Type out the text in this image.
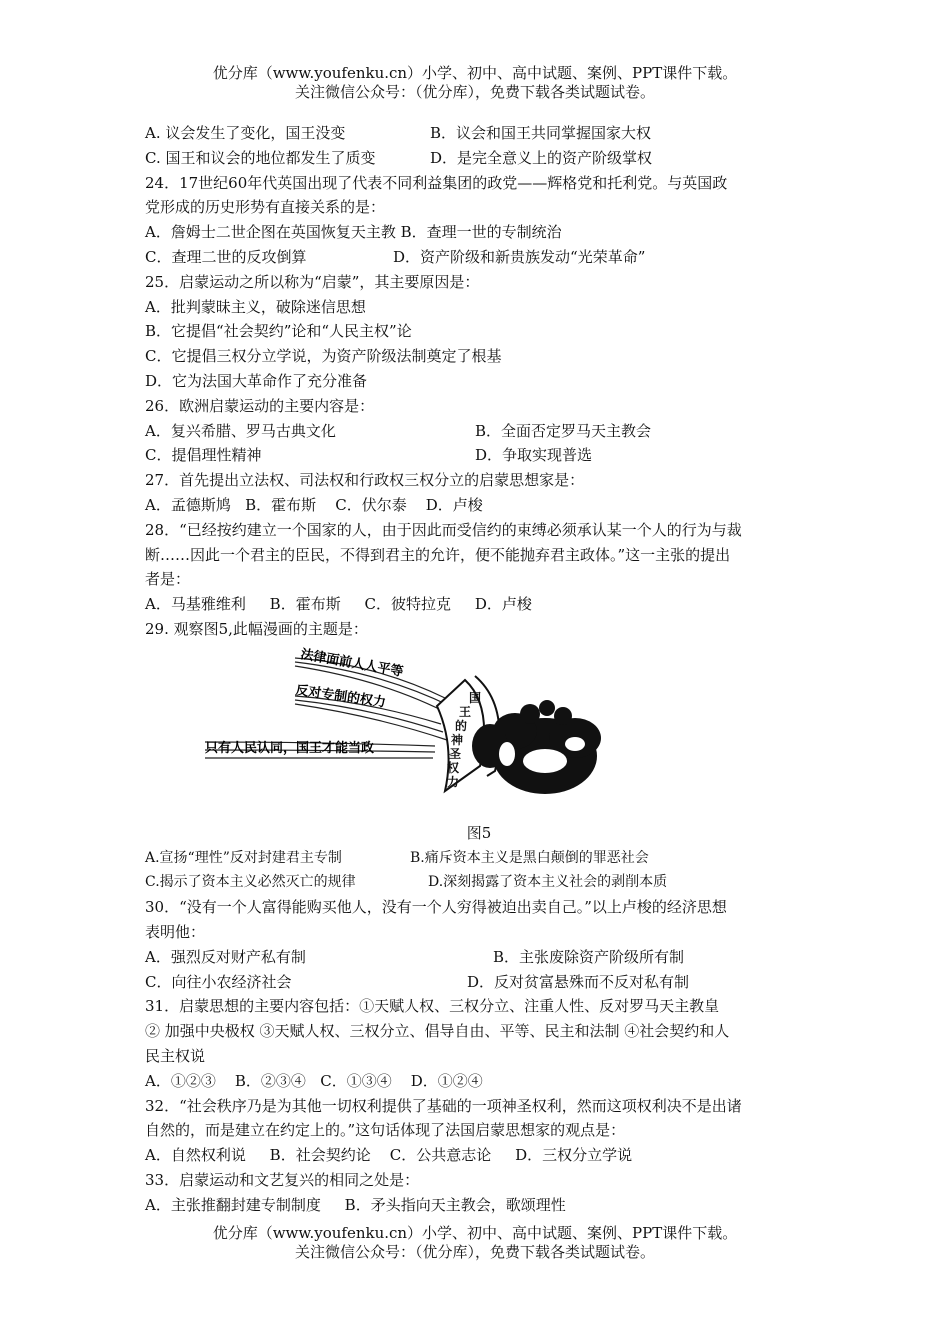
优分库（www.youfenku.cn）小学、初中、高中试题、案例、PPT课件下载。
关注微信公众号：（优分库），免费下载各类试题试卷。
A. 议会发生了变化，国王没变	B．议会和国王共同掌握国家大权
C. 国王和议会的地位都发生了质变	D．是完全意义上的资产阶级掌权
24．17世纪60年代英国出现了代表不同利益集团的政党——辉格党和托利党。与英国政
党形成的历史形势有直接关系的是：
A．詹姆士二世企图在英国恢复天主教 B．查理一世的专制统治
C．查理二世的反攻倒算	D．资产阶级和新贵族发动“光荣革命”
25．启蒙运动之所以称为“启蒙”，其主要原因是：
A．批判蒙昧主义，破除迷信思想
B．它提倡“社会契约”论和“人民主权”论
C．它提倡三权分立学说，为资产阶级法制奠定了根基
D．它为法国大革命作了充分准备
26．欧洲启蒙运动的主要内容是：
A．复兴希腊、罗马古典文化	B．全面否定罗马天主教会
C．提倡理性精神	D．争取实现普选
27．首先提出立法权、司法权和行政权三权分立的启蒙思想家是：
A．孟德斯鸠   B．霍布斯    C．伏尔泰    D．卢梭
28．“已经按约建立一个国家的人，由于因此而受信约的束缚必须承认某一个人的行为与裁
断……因此一个君主的臣民，不得到君主的允许，便不能抛弃君主政体。”这一主张的提出
者是：
A．马基雅维利     B．霍布斯     C．彼特拉克     D．卢梭
29. 观察图5,此幅漫画的主题是：
法律面前人人平等
反对专制的权力
只有人民认同，国王才能当政
国
王
的
神
圣
权
力
图5
A.宣扬“理性”反对封建君主专制	B.痛斥资本主义是黑白颠倒的罪恶社会
C.揭示了资本主义必然灭亡的规律	D.深刻揭露了资本主义社会的剥削本质
30．“没有一个人富得能购买他人，没有一个人穷得被迫出卖自己。”以上卢梭的经济思想
表明他：
A．强烈反对财产私有制	B．主张废除资产阶级所有制
C．向往小农经济社会	D．反对贫富悬殊而不反对私有制
31．启蒙思想的主要内容包括：①天赋人权、三权分立、注重人性、反对罗马天主教皇
② 加强中央极权 ③天赋人权、三权分立、倡导自由、平等、民主和法制 ④社会契约和人
民主权说
A．①②③    B．②③④   C．①③④    D．①②④
32．“社会秩序乃是为其他一切权利提供了基础的一项神圣权利，然而这项权利决不是出诸
自然的，而是建立在约定上的。”这句话体现了法国启蒙思想家的观点是：
A．自然权利说     B．社会契约论    C．公共意志论     D．三权分立学说
33．启蒙运动和文艺复兴的相同之处是：
A．主张推翻封建专制制度     B．矛头指向天主教会，歌颂理性
优分库（www.youfenku.cn）小学、初中、高中试题、案例、PPT课件下载。
关注微信公众号：（优分库），免费下载各类试题试卷。
